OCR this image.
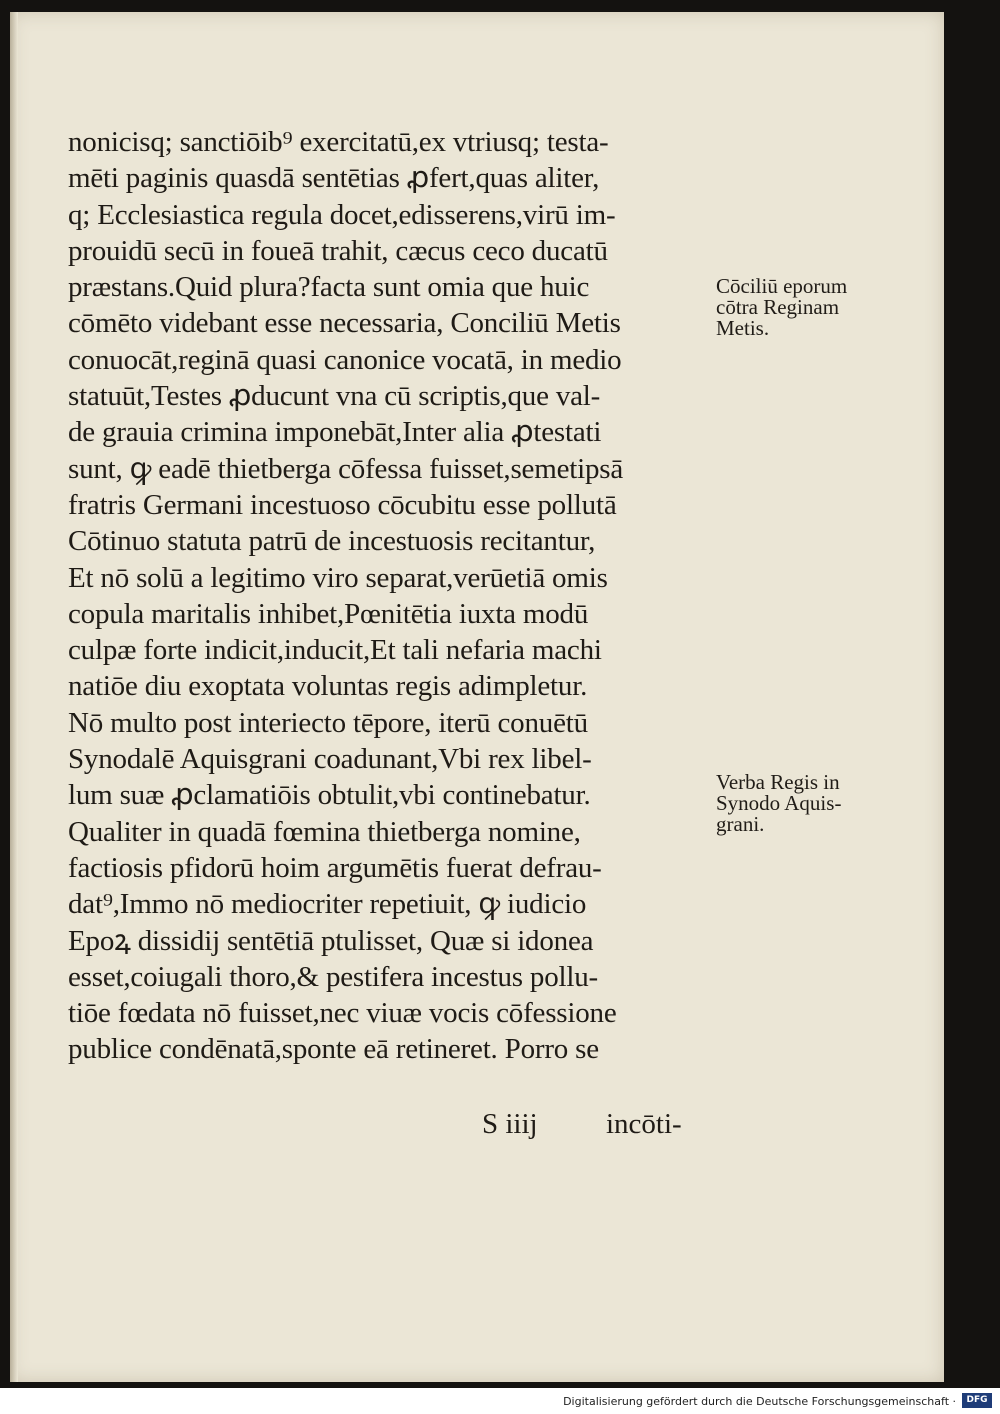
nonicisq; sanctiōib⁹ exercitatū,ex vtriusq; testa-
mēti paginis quasdā sentētias ꝓfert,quas aliter,
q; Ecclesiastica regula docet,edisserens,virū im-
prouidū secū in foueā trahit, cæcus ceco ducatū
præstans.Quid plura?facta sunt omia que huic
cōmēto videbant esse necessaria, Conciliū Metis
conuocāt,reginā quasi canonice vocatā, in medio
statuūt,Testes ꝓducunt vna cū scriptis,que val-
de grauia crimina imponebāt,Inter alia ꝓtestati
sunt, ꝙ eadē thietberga cōfessa fuisset,semetipsā
fratris Germani incestuoso cōcubitu esse pollutā
Cōtinuo statuta patrū de incestuosis recitantur,
Et nō solū a legitimo viro separat,verūetiā omis
copula maritalis inhibet,Pœnitētia iuxta modū
culpæ forte indicit,inducit,Et tali nefaria machi
natiōe diu exoptata voluntas regis adimpletur.
Nō multo post interiecto tēpore, iterū conuētū
Synodalē Aquisgrani coadunant,Vbi rex libel-
lum suæ ꝓclamatiōis obtulit,vbi continebatur.
Qualiter in quadā fœmina thietberga nomine,
factiosis pfidorū hoim argumētis fuerat defrau-
dat⁹,Immo nō mediocriter repetiuit, ꝙ iudicio
Epoꝝ dissidij sentētiā ptulisset, Quæ si idonea
esset,coiugali thoro,& pestifera incestus pollu-
tiōe fœdata nō fuisset,nec viuæ vocis cōfessione
publice condēnatā,sponte eā retineret. Porro se
Cōciliū eporum
cōtra Reginam
Metis.
Verba Regis in
Synodo Aquis-
grani.
S iiij incōti-
Digitalisierung gefördert durch die Deutsche Forschungsgemeinschaft ·	DFG
